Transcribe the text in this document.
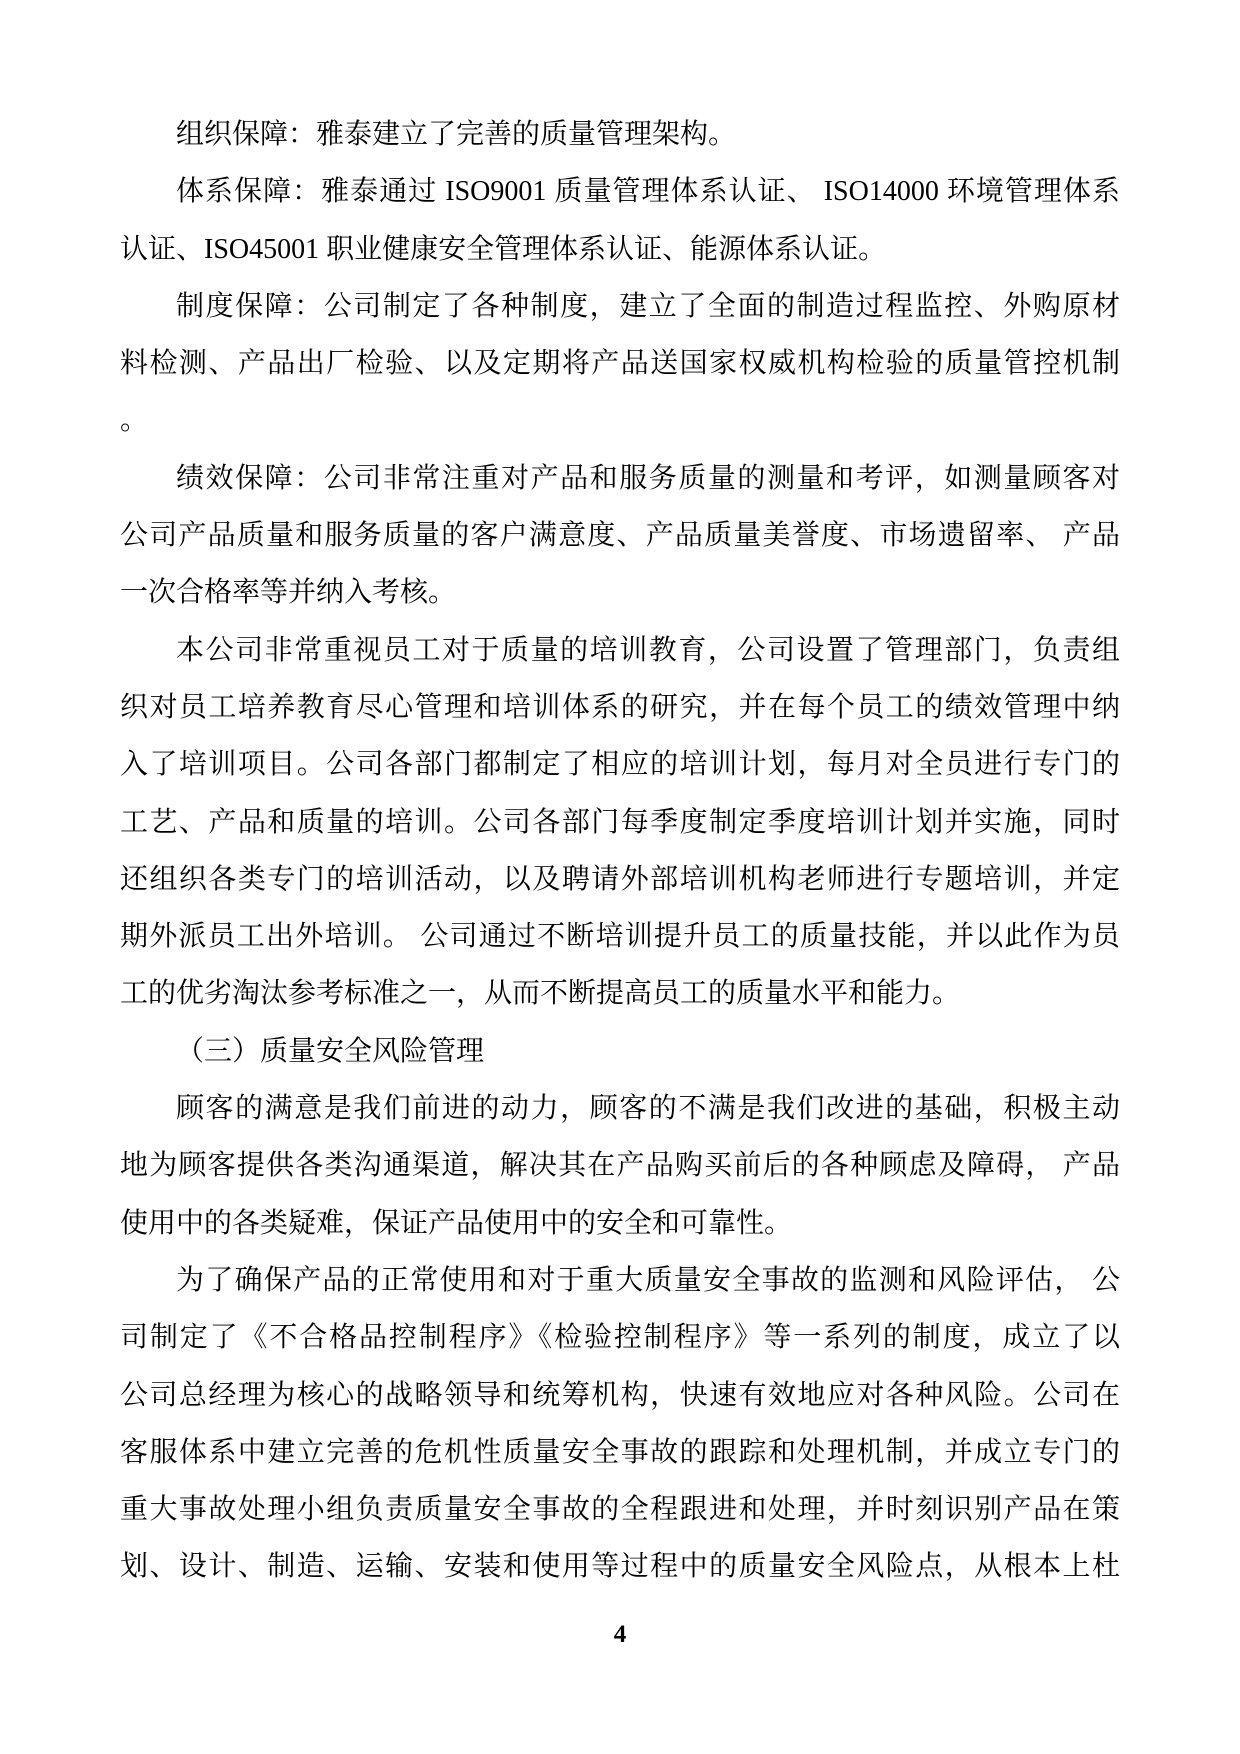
组织保障：雅泰建立了完善的质量管理架构。
体系保障：雅泰通过 ISO9001 质量管理体系认证、 ISO14000 环境管理体系
认证、ISO45001 职业健康安全管理体系认证、能源体系认证。
制度保障：公司制定了各种制度，建立了全面的制造过程监控、外购原材
料检测、产品出厂检验、以及定期将产品送国家权威机构检验的质量管控机制
。
绩效保障：公司非常注重对产品和服务质量的测量和考评，如测量顾客对
公司产品质量和服务质量的客户满意度、产品质量美誉度、市场遗留率、 产品
一次合格率等并纳入考核。
本公司非常重视员工对于质量的培训教育，公司设置了管理部门，负责组
织对员工培养教育尽心管理和培训体系的研究，并在每个员工的绩效管理中纳
入了培训项目。公司各部门都制定了相应的培训计划，每月对全员进行专门的
工艺、产品和质量的培训。公司各部门每季度制定季度培训计划并实施，同时
还组织各类专门的培训活动，以及聘请外部培训机构老师进行专题培训，并定
期外派员工出外培训。 公司通过不断培训提升员工的质量技能，并以此作为员
工的优劣淘汰参考标准之一，从而不断提高员工的质量水平和能力。
（三）质量安全风险管理
顾客的满意是我们前进的动力，顾客的不满是我们改进的基础，积极主动
地为顾客提供各类沟通渠道，解决其在产品购买前后的各种顾虑及障碍， 产品
使用中的各类疑难，保证产品使用中的安全和可靠性。
为了确保产品的正常使用和对于重大质量安全事故的监测和风险评估， 公
司制定了《不合格品控制程序》《检验控制程序》等一系列的制度，成立了以
公司总经理为核心的战略领导和统筹机构，快速有效地应对各种风险。公司在
客服体系中建立完善的危机性质量安全事故的跟踪和处理机制，并成立专门的
重大事故处理小组负责质量安全事故的全程跟进和处理，并时刻识别产品在策
划、设计、制造、运输、安装和使用等过程中的质量安全风险点，从根本上杜
4
